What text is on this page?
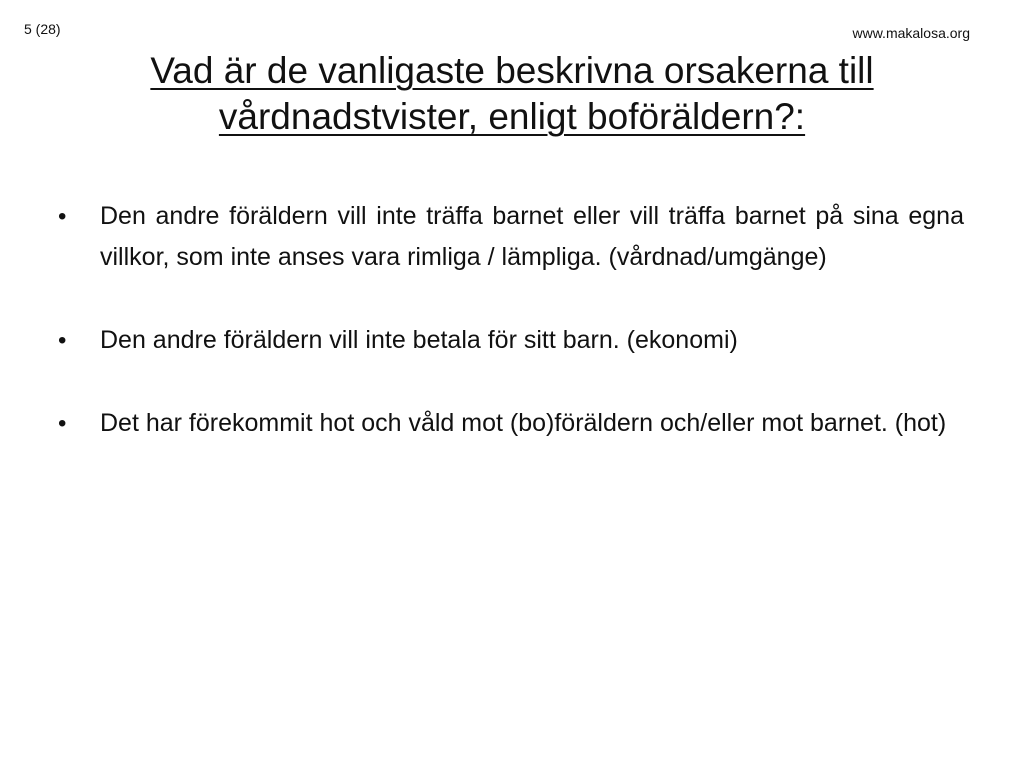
5 (28)	www.makalosa.org
Vad är de vanligaste beskrivna orsakerna till vårdnadstvister, enligt boföräldern?:
•	Den andre föräldern vill inte träffa barnet eller vill träffa barnet på sina egna villkor, som inte anses vara rimliga / lämpliga. (vårdnad/umgänge)
•	Den andre föräldern vill inte betala för sitt barn. (ekonomi)
•	Det har förekommit hot och våld mot (bo)föräldern och/eller mot barnet. (hot)
